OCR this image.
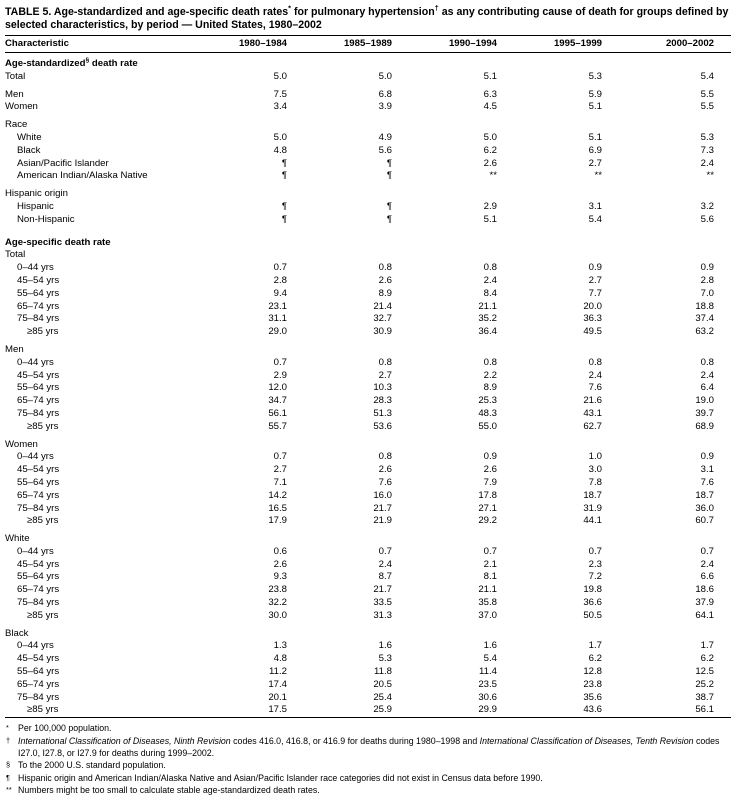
TABLE 5. Age-standardized and age-specific death rates* for pulmonary hypertension† as any contributing cause of death for groups defined by selected characteristics, by period — United States, 1980–2002
Characteristic	1980–1984	1985–1989	1990–1994	1995–1999	2000–2002
Age-standardized§ death rate					
Total	5.0	5.0	5.1	5.3	5.4

Men	7.5	6.8	6.3	5.9	5.5
Women	3.4	3.9	4.5	5.1	5.5

Race					
White	5.0	4.9	5.0	5.1	5.3
Black	4.8	5.6	6.2	6.9	7.3
Asian/Pacific Islander	¶	¶	2.6	2.7	2.4
American Indian/Alaska Native	¶	¶	**	**	**

Hispanic origin					
Hispanic	¶	¶	2.9	3.1	3.2
Non-Hispanic	¶	¶	5.1	5.4	5.6

Age-specific death rate					
Total					
0–44 yrs	0.7	0.8	0.8	0.9	0.9
45–54 yrs	2.8	2.6	2.4	2.7	2.8
55–64 yrs	9.4	8.9	8.4	7.7	7.0
65–74 yrs	23.1	21.4	21.1	20.0	18.8
75–84 yrs	31.1	32.7	35.2	36.3	37.4
≥85 yrs	29.0	30.9	36.4	49.5	63.2

Men					
0–44 yrs	0.7	0.8	0.8	0.8	0.8
45–54 yrs	2.9	2.7	2.2	2.4	2.4
55–64 yrs	12.0	10.3	8.9	7.6	6.4
65–74 yrs	34.7	28.3	25.3	21.6	19.0
75–84 yrs	56.1	51.3	48.3	43.1	39.7
≥85 yrs	55.7	53.6	55.0	62.7	68.9

Women					
0–44 yrs	0.7	0.8	0.9	1.0	0.9
45–54 yrs	2.7	2.6	2.6	3.0	3.1
55–64 yrs	7.1	7.6	7.9	7.8	7.6
65–74 yrs	14.2	16.0	17.8	18.7	18.7
75–84 yrs	16.5	21.7	27.1	31.9	36.0
≥85 yrs	17.9	21.9	29.2	44.1	60.7

White					
0–44 yrs	0.6	0.7	0.7	0.7	0.7
45–54 yrs	2.6	2.4	2.1	2.3	2.4
55–64 yrs	9.3	8.7	8.1	7.2	6.6
65–74 yrs	23.8	21.7	21.1	19.8	18.6
75–84 yrs	32.2	33.5	35.8	36.6	37.9
≥85 yrs	30.0	31.3	37.0	50.5	64.1

Black					
0–44 yrs	1.3	1.6	1.6	1.7	1.7
45–54 yrs	4.8	5.3	5.4	6.2	6.2
55–64 yrs	11.2	11.8	11.4	12.8	12.5
65–74 yrs	17.4	20.5	23.5	23.8	25.2
75–84 yrs	20.1	25.4	30.6	35.6	38.7
≥85 yrs	17.5	25.9	29.9	43.6	56.1
* Per 100,000 population.
† International Classification of Diseases, Ninth Revision codes 416.0, 416.8, or 416.9 for deaths during 1980–1998 and International Classification of Diseases, Tenth Revision codes I27.0, I27.8, or I27.9 for deaths during 1999–2002.
§ To the 2000 U.S. standard population.
¶ Hispanic origin and American Indian/Alaska Native and Asian/Pacific Islander race categories did not exist in Census data before 1990.
** Numbers might be too small to calculate stable age-standardized death rates.
